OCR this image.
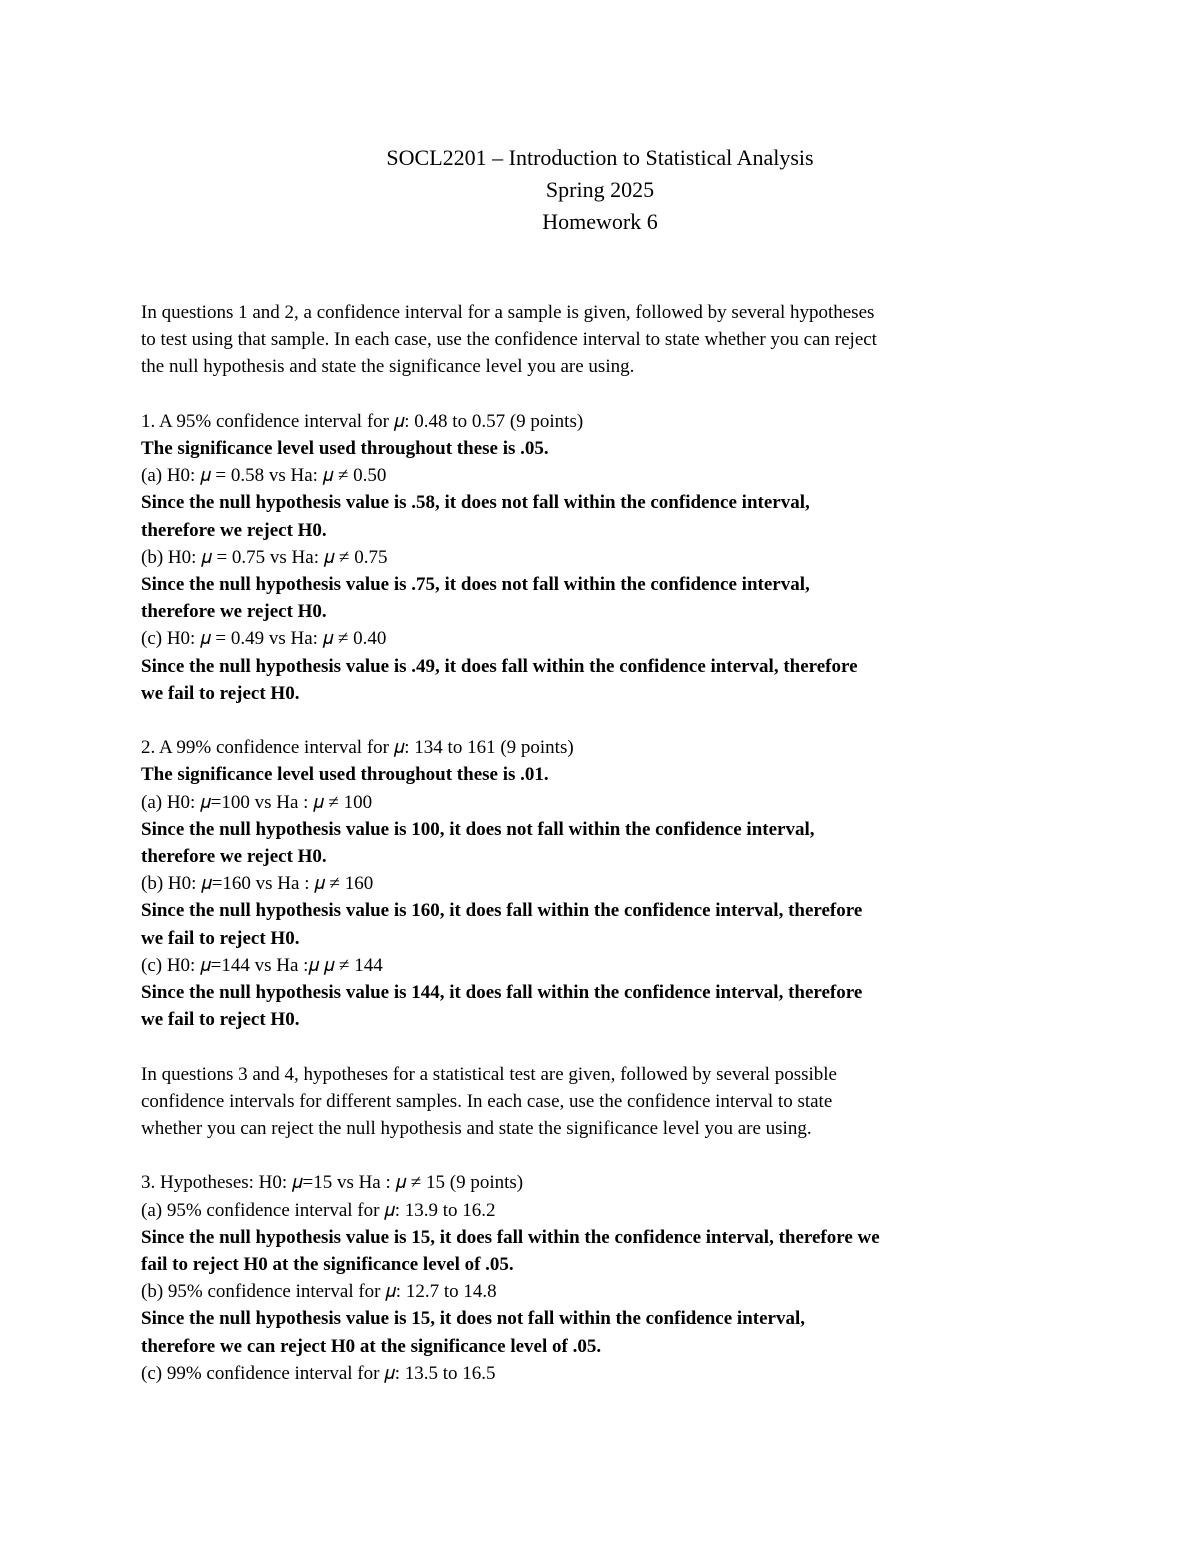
SOCL2201 – Introduction to Statistical Analysis
Spring 2025
Homework 6
In questions 1 and 2, a confidence interval for a sample is given, followed by several hypotheses
to test using that sample. In each case, use the confidence interval to state whether you can reject
the null hypothesis and state the significance level you are using.
1. A 95% confidence interval for 𝜇: 0.48 to 0.57 (9 points)
The significance level used throughout these is .05.
(a) H0: 𝜇 = 0.58 vs Ha: 𝜇 ≠ 0.50
Since the null hypothesis value is .58, it does not fall within the confidence interval,
therefore we reject H0.
(b) H0: 𝜇 = 0.75 vs Ha: 𝜇 ≠ 0.75
Since the null hypothesis value is .75, it does not fall within the confidence interval,
therefore we reject H0.
(c) H0: 𝜇 = 0.49 vs Ha: 𝜇 ≠ 0.40
Since the null hypothesis value is .49, it does fall within the confidence interval, therefore
we fail to reject H0.
2. A 99% confidence interval for 𝜇: 134 to 161 (9 points)
The significance level used throughout these is .01.
(a) H0: 𝜇=100 vs Ha : 𝜇 ≠ 100
Since the null hypothesis value is 100, it does not fall within the confidence interval,
therefore we reject H0.
(b) H0: 𝜇=160 vs Ha : 𝜇 ≠ 160
Since the null hypothesis value is 160, it does fall within the confidence interval, therefore
we fail to reject H0.
(c) H0: 𝜇=144 vs Ha :𝜇 𝜇 ≠ 144
Since the null hypothesis value is 144, it does fall within the confidence interval, therefore
we fail to reject H0.
In questions 3 and 4, hypotheses for a statistical test are given, followed by several possible
confidence intervals for different samples. In each case, use the confidence interval to state
whether you can reject the null hypothesis and state the significance level you are using.
3. Hypotheses: H0: 𝜇=15 vs Ha : 𝜇 ≠ 15 (9 points)
(a) 95% confidence interval for 𝜇: 13.9 to 16.2
Since the null hypothesis value is 15, it does fall within the confidence interval, therefore we
fail to reject H0 at the significance level of .05.
(b) 95% confidence interval for 𝜇: 12.7 to 14.8
Since the null hypothesis value is 15, it does not fall within the confidence interval,
therefore we can reject H0 at the significance level of .05.
(c) 99% confidence interval for 𝜇: 13.5 to 16.5
